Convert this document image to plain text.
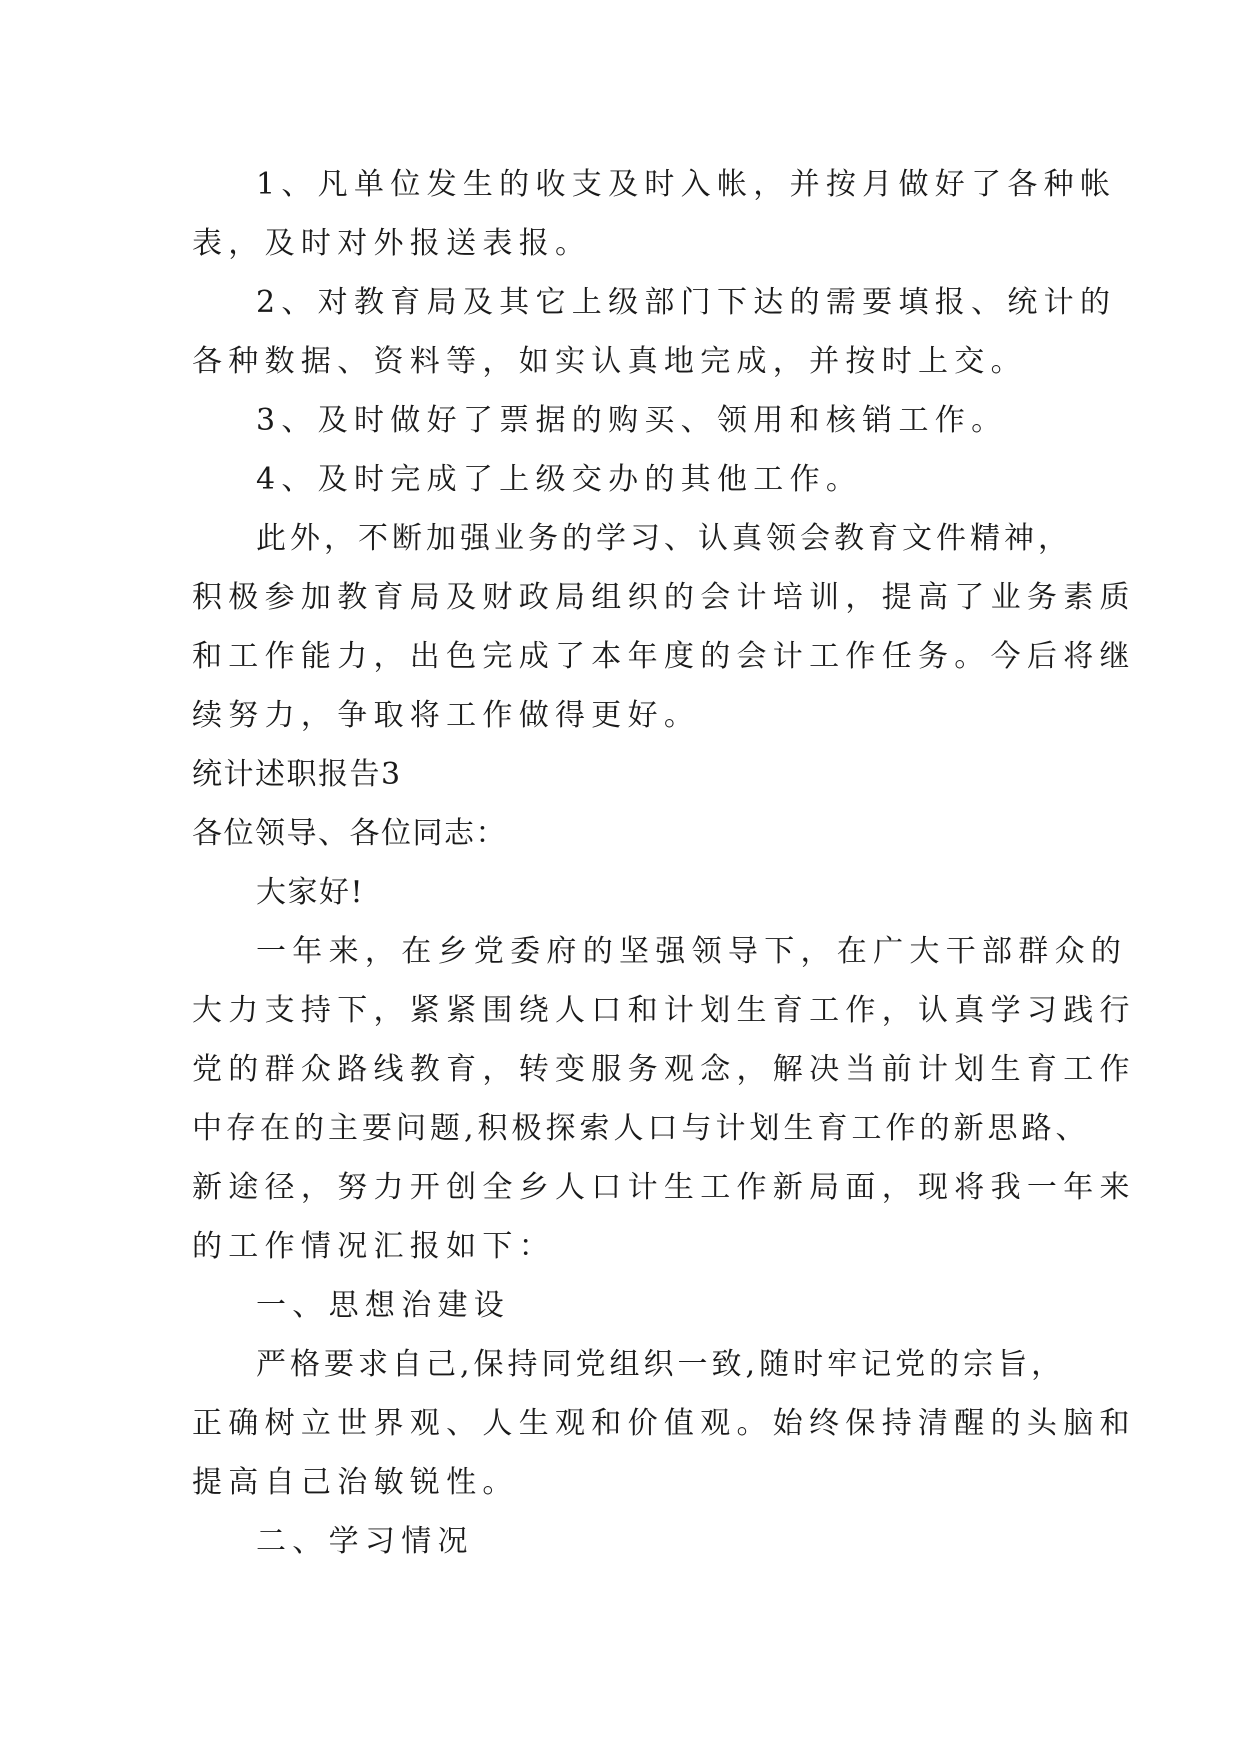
1、凡单位发生的收支及时入帐，并按月做好了各种帐
表，及时对外报送表报。
2、对教育局及其它上级部门下达的需要填报、统计的
各种数据、资料等，如实认真地完成，并按时上交。
3、及时做好了票据的购买、领用和核销工作。
4、及时完成了上级交办的其他工作。
此外，不断加强业务的学习、认真领会教育文件精神，
积极参加教育局及财政局组织的会计培训，提高了业务素质
和工作能力，出色完成了本年度的会计工作任务。今后将继
续努力，争取将工作做得更好。
统计述职报告3
各位领导、各位同志：
大家好!
一年来，在乡党委府的坚强领导下，在广大干部群众的
大力支持下，紧紧围绕人口和计划生育工作，认真学习践行
党的群众路线教育，转变服务观念，解决当前计划生育工作
中存在的主要问题,积极探索人口与计划生育工作的新思路、
新途径，努力开创全乡人口计生工作新局面，现将我一年来
的工作情况汇报如下：
一、思想治建设
严格要求自己,保持同党组织一致,随时牢记党的宗旨，
正确树立世界观、人生观和价值观。始终保持清醒的头脑和
提高自己治敏锐性。
二、学习情况
